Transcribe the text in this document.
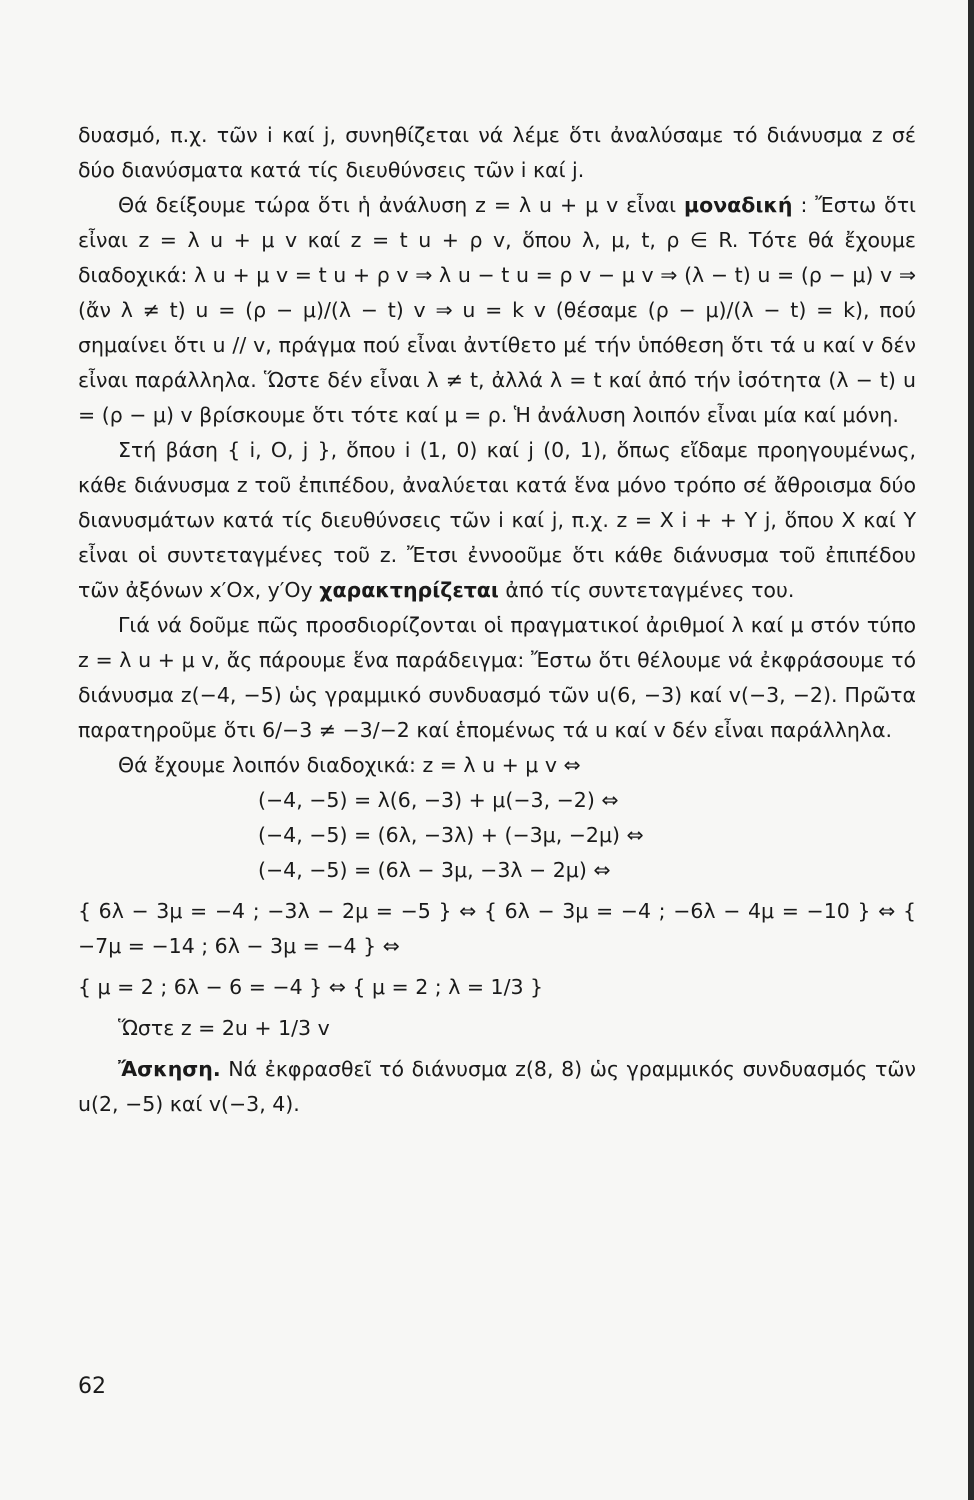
δυασμό, π.χ. τῶν i καί j, συνηθίζεται νά λέμε ὅτι ἀναλύσαμε τό διάνυσμα z σέ δύο διανύσματα κατά τίς διευθύνσεις τῶν i καί j.

Θά δείξουμε τώρα ὅτι ἡ ἀνάλυση z = λ u + μ v εἶναι μοναδική : Ἔστω ὅτι εἶναι z = λ u + μ v καί z = t u + ρ v, ὅπου λ, μ, t, ρ ∈ R. Τότε θά ἔχουμε διαδοχικά: λ u + μ v = t u + ρ v ⇒ λ u − t u = ρ v − μ v ⇒ (λ − t) u = (ρ − μ) v ⇒ (ἄν λ ≠ t) u = (ρ − μ)/(λ − t) v ⇒ u = k v (θέσαμε (ρ − μ)/(λ − t) = k), πού σημαίνει ὅτι u // v, πράγμα πού εἶναι ἀντίθετο μέ τήν ὑπόθεση ὅτι τά u καί v δέν εἶναι παράλληλα. Ὥστε δέν εἶναι λ ≠ t, ἀλλά λ = t καί ἀπό τήν ἰσότητα (λ − t) u = (ρ − μ) v βρίσκουμε ὅτι τότε καί μ = ρ. Ἡ ἀνάλυση λοιπόν εἶναι μία καί μόνη.

Στή βάση { i, O, j }, ὅπου i (1, 0) καί j (0, 1), ὅπως εἴδαμε προηγουμένως, κάθε διάνυσμα z τοῦ ἐπιπέδου, ἀναλύεται κατά ἕνα μόνο τρόπο σέ ἄθροισμα δύο διανυσμάτων κατά τίς διευθύνσεις τῶν i καί j, π.χ. z = X i + + Y j, ὅπου X καί Y εἶναι οἱ συντεταγμένες τοῦ z. Ἔτσι ἐννοοῦμε ὅτι κάθε διάνυσμα τοῦ ἐπιπέδου τῶν ἀξόνων x′Ox, y′Oy χαρακτηρίζεται ἀπό τίς συντεταγμένες του.

Γιά νά δοῦμε πῶς προσδιορίζονται οἱ πραγματικοί ἀριθμοί λ καί μ στόν τύπο z = λ u + μ v, ἄς πάρουμε ἕνα παράδειγμα: Ἔστω ὅτι θέλουμε νά ἐκφράσουμε τό διάνυσμα z(−4, −5) ὡς γραμμικό συνδυασμό τῶν u(6, −3) καί v(−3, −2). Πρῶτα παρατηροῦμε ὅτι 6/−3 ≠ −3/−2 καί ἑπομένως τά u καί v δέν εἶναι παράλληλα.

Θά ἔχουμε λοιπόν διαδοχικά: z = λ u + μ v ⇔

(−4, −5) = λ(6, −3) + μ(−3, −2) ⇔

(−4, −5) = (6λ, −3λ) + (−3μ, −2μ) ⇔

(−4, −5) = (6λ − 3μ, −3λ − 2μ) ⇔

{ 6λ − 3μ = −4 ; −3λ − 2μ = −5 } ⇔ { 6λ − 3μ = −4 ; −6λ − 4μ = −10 } ⇔ { −7μ = −14 ; 6λ − 3μ = −4 } ⇔

{ μ = 2 ; 6λ − 6 = −4 } ⇔ { μ = 2 ; λ = 1/3 }

Ὥστε z = 2u + 1/3 v

Ἄσκηση. Νά ἐκφρασθεῖ τό διάνυσμα z(8, 8) ὡς γραμμικός συνδυασμός τῶν u(2, −5) καί v(−3, 4).

62
